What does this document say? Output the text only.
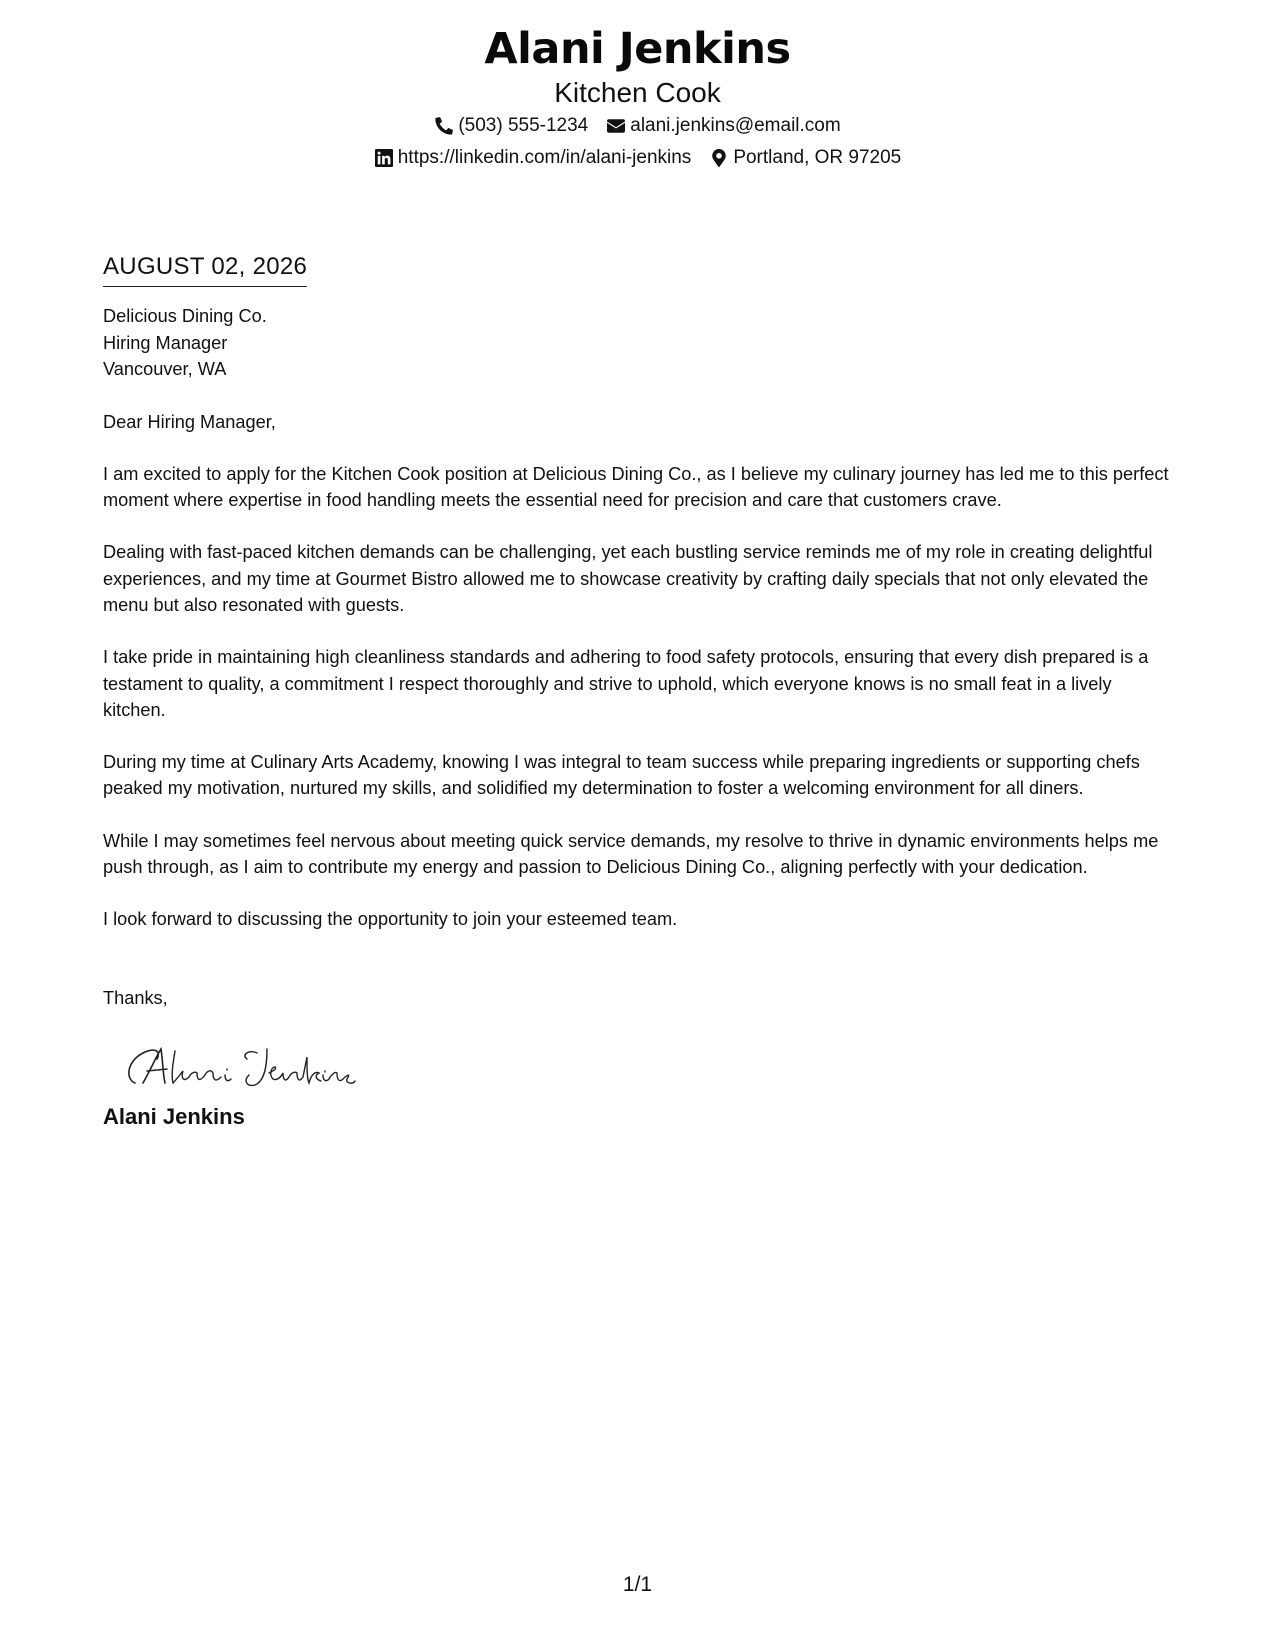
Alani Jenkins
Kitchen Cook
(503) 555-1234 alani.jenkins@email.com
https://linkedin.com/in/alani-jenkins Portland, OR 97205
AUGUST 02, 2026
Delicious Dining Co.
Hiring Manager
Vancouver, WA
Dear Hiring Manager,
I am excited to apply for the Kitchen Cook position at Delicious Dining Co., as I believe my culinary journey has led me to this perfect moment where expertise in food handling meets the essential need for precision and care that customers crave.
Dealing with fast-paced kitchen demands can be challenging, yet each bustling service reminds me of my role in creating delightful experiences, and my time at Gourmet Bistro allowed me to showcase creativity by crafting daily specials that not only elevated the menu but also resonated with guests.
I take pride in maintaining high cleanliness standards and adhering to food safety protocols, ensuring that every dish prepared is a testament to quality, a commitment I respect thoroughly and strive to uphold, which everyone knows is no small feat in a lively kitchen.
During my time at Culinary Arts Academy, knowing I was integral to team success while preparing ingredients or supporting chefs peaked my motivation, nurtured my skills, and solidified my determination to foster a welcoming environment for all diners.
While I may sometimes feel nervous about meeting quick service demands, my resolve to thrive in dynamic environments helps me push through, as I aim to contribute my energy and passion to Delicious Dining Co., aligning perfectly with your dedication.
I look forward to discussing the opportunity to join your esteemed team.
Thanks,
Alani Jenkins
1/1
